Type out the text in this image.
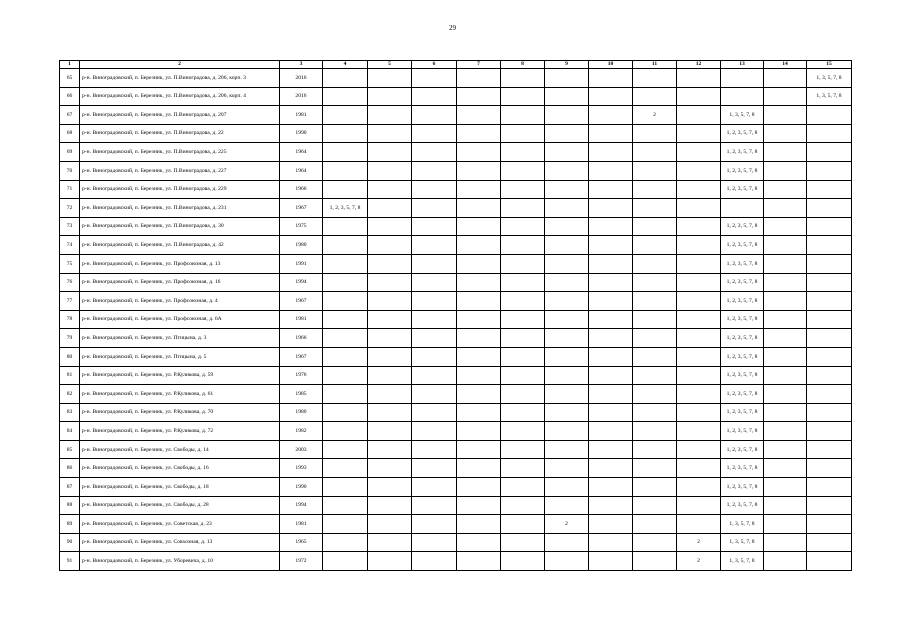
29
1	2	3	4	5	6	7	8	9	10	11	12	13	14	15
65	р-н. Виноградовский, п. Березник, ул. П.Виноградова, д. 206, корп. 3	2016												1, 3, 5, 7, 8
66	р-н. Виноградовский, п. Березник, ул. П.Виноградова, д. 206, корп. 4	2016												1, 3, 5, 7, 8
67	р-н. Виноградовский, п. Березник, ул. П.Виноградова, д. 207	1981								2		1, 3, 5, 7, 8		
68	р-н. Виноградовский, п. Березник, ул. П.Виноградова, д. 22	1990										1, 2, 3, 5, 7, 8		
69	р-н. Виноградовский, п. Березник, ул. П.Виноградова, д. 225	1964										1, 2, 3, 5, 7, 8		
70	р-н. Виноградовский, п. Березник, ул. П.Виноградова, д. 227	1964										1, 2, 3, 5, 7, 8		
71	р-н. Виноградовский, п. Березник, ул. П.Виноградова, д. 229	1966										1, 2, 3, 5, 7, 8		
72	р-н. Виноградовский, п. Березник, ул. П.Виноградова, д. 231	1967	1, 2, 3, 5, 7, 8											
73	р-н. Виноградовский, п. Березник, ул. П.Виноградова, д. 30	1975										1, 2, 3, 5, 7, 8		
74	р-н. Виноградовский, п. Березник, ул. П.Виноградова, д. 42	1980										1, 2, 3, 5, 7, 8		
75	р-н. Виноградовский, п. Березник, ул. Профсоюзная, д. 13	1991										1, 2, 3, 5, 7, 8		
76	р-н. Виноградовский, п. Березник, ул. Профсоюзная, д. 16	1994										1, 2, 3, 5, 7, 8		
77	р-н. Виноградовский, п. Березник, ул. Профсоюзная, д. 4	1967										1, 2, 3, 5, 7, 8		
78	р-н. Виноградовский, п. Березник, ул. Профсоюзная, д. 6А	1981										1, 2, 3, 5, 7, 8		
79	р-н. Виноградовский, п. Березник, ул. Птицына, д. 3	1966										1, 2, 3, 5, 7, 8		
80	р-н. Виноградовский, п. Березник, ул. Птицына, д. 5	1967										1, 2, 3, 5, 7, 8		
81	р-н. Виноградовский, п. Березник, ул. Р.Куликова, д. 59	1976										1, 2, 3, 5, 7, 8		
82	р-н. Виноградовский, п. Березник, ул. Р.Куликова, д. 61	1985										1, 2, 3, 5, 7, 8		
83	р-н. Виноградовский, п. Березник, ул. Р.Куликова, д. 70	1980										1, 2, 3, 5, 7, 8		
84	р-н. Виноградовский, п. Березник, ул. Р.Куликова, д. 72	1982										1, 2, 3, 5, 7, 8		
85	р-н. Виноградовский, п. Березник, ул. Свободы, д. 14	2003										1, 2, 3, 5, 7, 8		
86	р-н. Виноградовский, п. Березник, ул. Свободы, д. 16	1993										1, 2, 3, 5, 7, 8		
87	р-н. Виноградовский, п. Березник, ул. Свободы, д. 18	1990										1, 2, 3, 5, 7, 8		
88	р-н. Виноградовский, п. Березник, ул. Свободы, д. 28	1994										1, 2, 3, 5, 7, 8		
89	р-н. Виноградовский, п. Березник, ул. Советская, д. 23	1981						2				1, 3, 5, 7, 8		
90	р-н. Виноградовский, п. Березник, ул. Совхозная, д. 13	1965									2	1, 3, 5, 7, 8		
91	р-н. Виноградовский, п. Березник, ул. Уборевича, д. 10	1972									2	1, 3, 5, 7, 8		
